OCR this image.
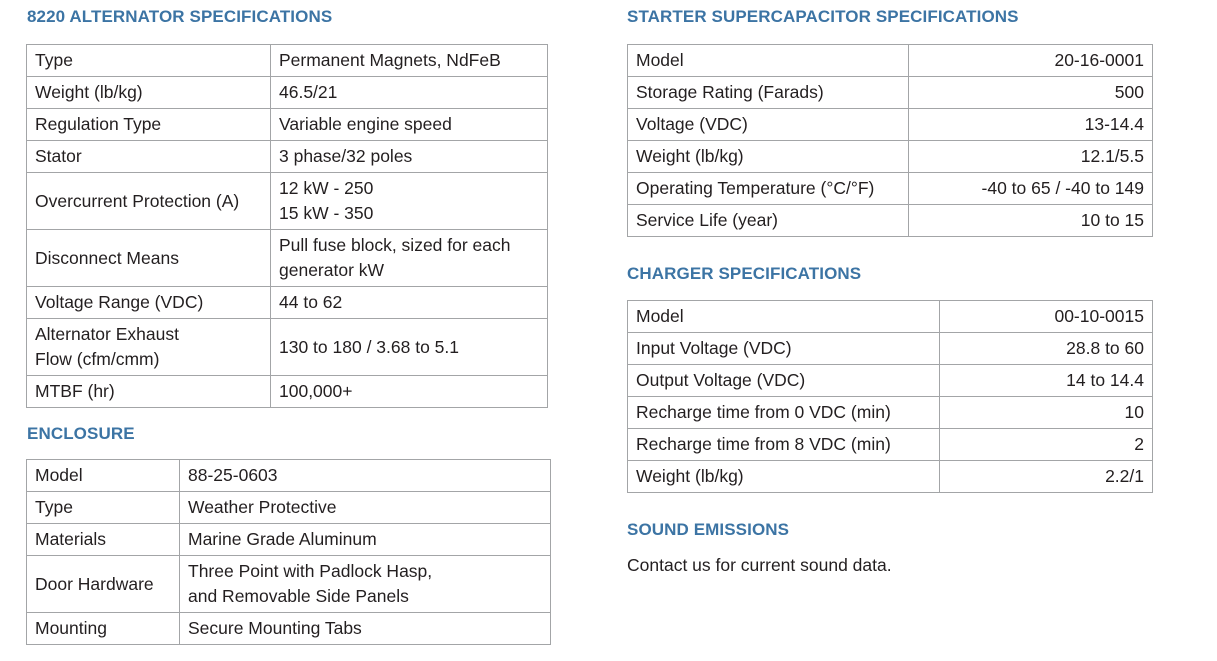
8220 ALTERNATOR SPECIFICATIONS
Type	Permanent Magnets, NdFeB

Weight (lb/kg)	46.5/21

Regulation Type	Variable engine speed

Stator	3 phase/32 poles

Overcurrent Protection (A)	12 kW - 250
15 kW - 350

Disconnect Means	Pull fuse block, sized for each
generator kW

Voltage Range (VDC)	44 to 62

Alternator Exhaust
Flow (cfm/cmm)	130 to 180 / 3.68 to 5.1

MTBF (hr)	100,000+
ENCLOSURE
Model	88-25-0603

Type	Weather Protective

Materials	Marine Grade Aluminum

Door Hardware	Three Point with Padlock Hasp,
and Removable Side Panels

Mounting	Secure Mounting Tabs
STARTER SUPERCAPACITOR SPECIFICATIONS
Model	20-16-0001

Storage Rating (Farads)	500

Voltage (VDC)	13-14.4

Weight (lb/kg)	12.1/5.5

Operating Temperature (°C/°F)	-40 to 65 / -40 to 149

Service Life (year)	10 to 15
CHARGER SPECIFICATIONS
Model	00-10-0015

Input Voltage (VDC)	28.8 to 60

Output Voltage (VDC)	14 to 14.4

Recharge time from 0 VDC (min)	10

Recharge time from 8 VDC (min)	2

Weight (lb/kg)	2.2/1
SOUND EMISSIONS

Contact us for current sound data.
